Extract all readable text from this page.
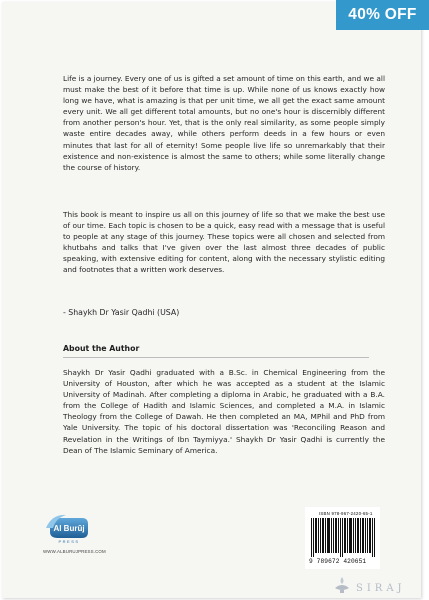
Life is a journey. Every one of us is gifted a set amount of time on this earth, and we all must make the best of it before that time is up. While none of us knows exactly how long we have, what is amazing is that per unit time, we all get the exact same amount every unit. We all get different total amounts, but no one's hour is discernibly different from another person's hour. Yet, that is the only real similarity, as some people simply waste entire decades away, while others perform deeds in a few hours or even minutes that last for all of eternity! Some people live life so unremarkably that their existence and non-existence is almost the same to others; while some literally change the course of history.

This book is meant to inspire us all on this journey of life so that we make the best use of our time. Each topic is chosen to be a quick, easy read with a message that is useful to people at any stage of this journey. These topics were all chosen and selected from khutbahs and talks that I've given over the last almost three decades of public speaking, with extensive editing for content, along with the necessary stylistic editing and footnotes that a written work deserves.

- Shaykh Dr Yasir Qadhi (USA)
About the Author

Shaykh Dr Yasir Qadhi graduated with a B.Sc. in Chemical Engineering from the University of Houston, after which he was accepted as a student at the Islamic University of Madinah. After completing a diploma in Arabic, he graduated with a B.A. from the College of Hadith and Islamic Sciences, and completed a M.A. in Islamic Theology from the College of Dawah. He then completed an MA, MPhil and PhD from Yale University. The topic of his doctoral dissertation was 'Reconciling Reason and Revelation in the Writings of Ibn Taymiyya.' Shaykh Dr Yasir Qadhi is currently the Dean of The Islamic Seminary of America.

Al Burūj
PRESS
WWW.ALBURUJPRESS.COM
ISBN 978-967-2420-65-1
9 789672 420651
40% OFF
SIRAJ
